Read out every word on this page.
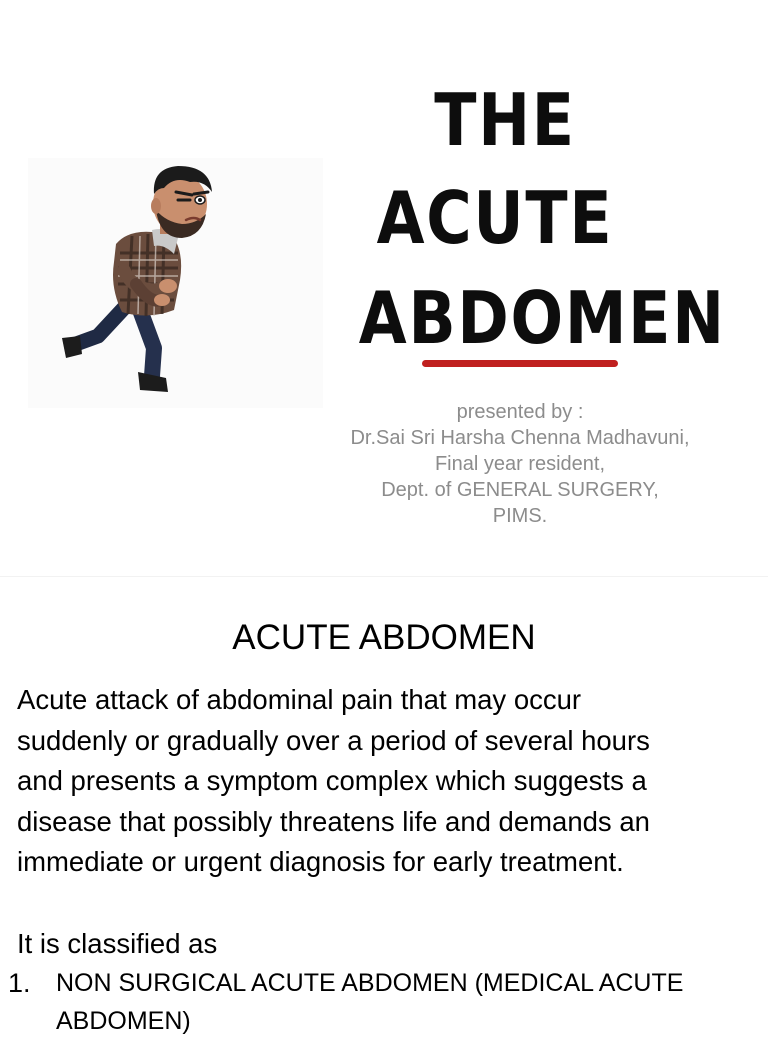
THE
ACUTE
ABDOMEN
presented by :
Dr.Sai Sri Harsha Chenna Madhavuni,
Final year resident,
Dept. of GENERAL SURGERY,
PIMS.
ACUTE ABDOMEN

Acute attack of abdominal pain that may occur

suddenly or gradually over a period of several hours

and presents a symptom complex which suggests a

disease that possibly threatens life and demands an

immediate or urgent diagnosis for early treatment.

It is classified as
1. NON SURGICAL ACUTE ABDOMEN (MEDICAL ACUTE ABDOMEN)
